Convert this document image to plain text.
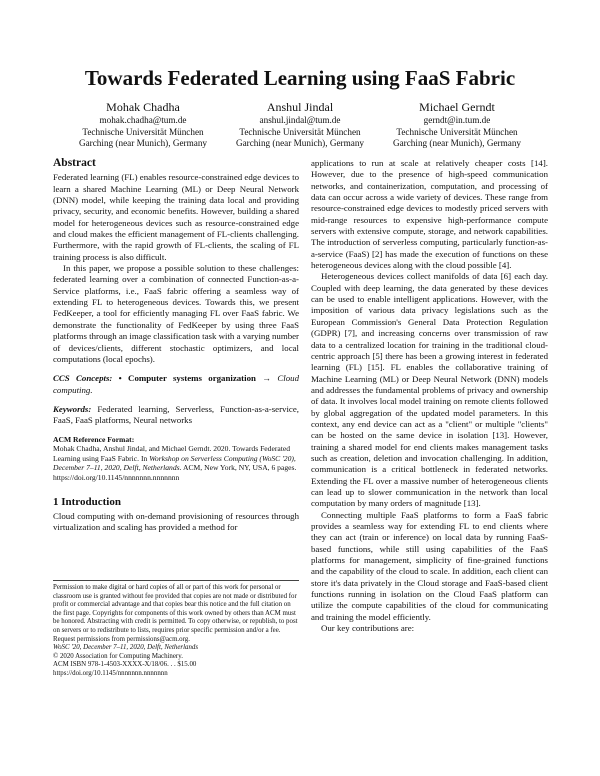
Towards Federated Learning using FaaS Fabric
Mohak Chadha
mohak.chadha@tum.de
Technische Universität München
Garching (near Munich), Germany
Anshul Jindal
anshul.jindal@tum.de
Technische Universität München
Garching (near Munich), Germany
Michael Gerndt
gerndt@in.tum.de
Technische Universität München
Garching (near Munich), Germany
Abstract

Federated learning (FL) enables resource-constrained edge devices to learn a shared Machine Learning (ML) or Deep Neural Network (DNN) model, while keeping the training data local and providing privacy, security, and economic benefits. However, building a shared model for heterogeneous devices such as resource-constrained edge and cloud makes the efficient management of FL-clients challenging. Furthermore, with the rapid growth of FL-clients, the scaling of FL training process is also difficult.

In this paper, we propose a possible solution to these challenges: federated learning over a combination of connected Function-as-a-Service platforms, i.e., FaaS fabric offering a seamless way of extending FL to heterogeneous devices. Towards this, we present FedKeeper, a tool for efficiently managing FL over FaaS fabric. We demonstrate the functionality of FedKeeper by using three FaaS platforms through an image classification task with a varying number of devices/clients, different stochastic optimizers, and local computations (local epochs).

CCS Concepts: • Computer systems organization → Cloud computing.

Keywords: Federated learning, Serverless, Function-as-a-service, FaaS, FaaS platforms, Neural networks

ACM Reference Format:
Mohak Chadha, Anshul Jindal, and Michael Gerndt. 2020. Towards Federated Learning using FaaS Fabric. In Workshop on Serverless Computing (WoSC '20), December 7–11, 2020, Delft, Netherlands. ACM, New York, NY, USA, 6 pages. https://doi.org/10.1145/nnnnnnn.nnnnnnn
1 Introduction

Cloud computing with on-demand provisioning of resources through virtualization and scaling has provided a method for

Permission to make digital or hard copies of all or part of this work for personal or classroom use is granted without fee provided that copies are not made or distributed for profit or commercial advantage and that copies bear this notice and the full citation on the first page. Copyrights for components of this work owned by others than ACM must be honored. Abstracting with credit is permitted. To copy otherwise, or republish, to post on servers or to redistribute to lists, requires prior specific permission and/or a fee. Request permissions from permissions@acm.org.
WoSC '20, December 7–11, 2020, Delft, Netherlands
© 2020 Association for Computing Machinery.
ACM ISBN 978-1-4503-XXXX-X/18/06. . . $15.00
https://doi.org/10.1145/nnnnnnn.nnnnnnn

applications to run at scale at relatively cheaper costs [14]. However, due to the presence of high-speed communication networks, and containerization, computation, and processing of data can occur across a wide variety of devices. These range from resource-constrained edge devices to modestly priced servers with mid-range resources to expensive high-performance compute servers with extensive compute, storage, and network capabilities. The introduction of serverless computing, particularly function-as-a-service (FaaS) [2] has made the execution of functions on these heterogeneous devices along with the cloud possible [4].

Heterogeneous devices collect manifolds of data [6] each day. Coupled with deep learning, the data generated by these devices can be used to enable intelligent applications. However, with the imposition of various data privacy legislations such as the European Commission's General Data Protection Regulation (GDPR) [7], and increasing concerns over transmission of raw data to a centralized location for training in the traditional cloud-centric approach [5] there has been a growing interest in federated learning (FL) [15]. FL enables the collaborative training of Machine Learning (ML) or Deep Neural Network (DNN) models and addresses the fundamental problems of privacy and ownership of data. It involves local model training on remote clients followed by global aggregation of the updated model parameters. In this context, any end device can act as a "client" or multiple "clients" can be hosted on the same device in isolation [13]. However, training a shared model for end clients makes management tasks such as creation, deletion and invocation challenging. In addition, communication is a critical bottleneck in federated networks. Extending the FL over a massive number of heterogeneous clients can lead up to slower communication in the network than local computation by many orders of magnitude [13].

Connecting multiple FaaS platforms to form a FaaS fabric provides a seamless way for extending FL to end clients where they can act (train or inference) on local data by running FaaS-based functions, while still using capabilities of the FaaS platforms for management, simplicity of fine-grained functions and the capability of the cloud to scale. In addition, each client can store it's data privately in the Cloud storage and FaaS-based client functions running in isolation on the Cloud FaaS platform can utilize the compute capabilities of the cloud for communicating and training the model efficiently.

Our key contributions are:
